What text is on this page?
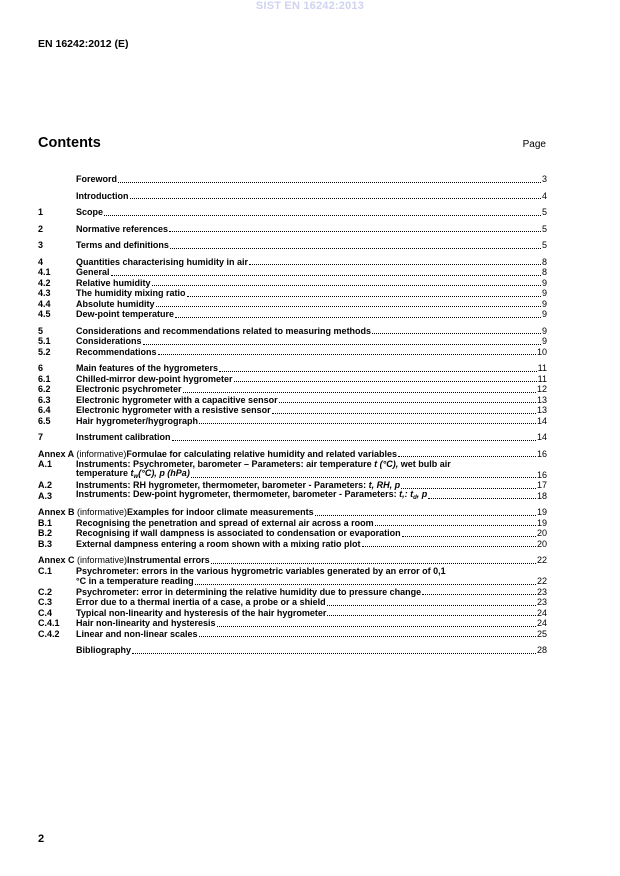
SIST EN 16242:2013
EN 16242:2012 (E)
Contents	Page
Foreword	3
Introduction	4
1	Scope	5
2	Normative references	5
3	Terms and definitions	5
4	Quantities characterising humidity in air	8
4.1	General	8
4.2	Relative humidity	9
4.3	The humidity mixing ratio	9
4.4	Absolute humidity	9
4.5	Dew-point temperature	9
5	Considerations and recommendations related to measuring methods	9
5.1	Considerations	9
5.2	Recommendations	10
6	Main features of the hygrometers	11
6.1	Chilled-mirror dew-point hygrometer	11
6.2	Electronic psychrometer	12
6.3	Electronic hygrometer with a capacitive sensor	13
6.4	Electronic hygrometer with a resistive sensor	13
6.5	Hair hygrometer/hygrograph	14
7	Instrument calibration	14
Annex A (informative) Formulae for calculating relative humidity and related variables	16
A.1	Instruments: Psychrometer, barometer – Parameters: air temperature t (°C), wet bulb air
temperature $t_w(^\circ C)$, p (hPa)	16
A.2	Instruments: RH hygrometer, thermometer, barometer - Parameters: t, RH, p	17
A.3	Instruments: Dew-point hygrometer, thermometer, barometer - Parameters: t,: $t_d$, p	18
Annex B (informative) Examples for indoor climate measurements	19
B.1	Recognising the penetration and spread of external air across a room	19
B.2	Recognising if wall dampness is associated to condensation or evaporation	20
B.3	External dampness entering a room shown with a mixing ratio plot	20
Annex C (informative) Instrumental errors	22
C.1	Psychrometer: errors in the various hygrometric variables generated by an error of 0,1
°C in a temperature reading	22
C.2	Psychrometer: error in determining the relative humidity due to pressure change	23
C.3	Error due to a thermal inertia of a case, a probe or a shield	23
C.4	Typical non-linearity and hysteresis of the hair hygrometer	24
C.4.1	Hair non-linearity and hysteresis	24
C.4.2	Linear and non-linear scales	25
Bibliography	28
2
